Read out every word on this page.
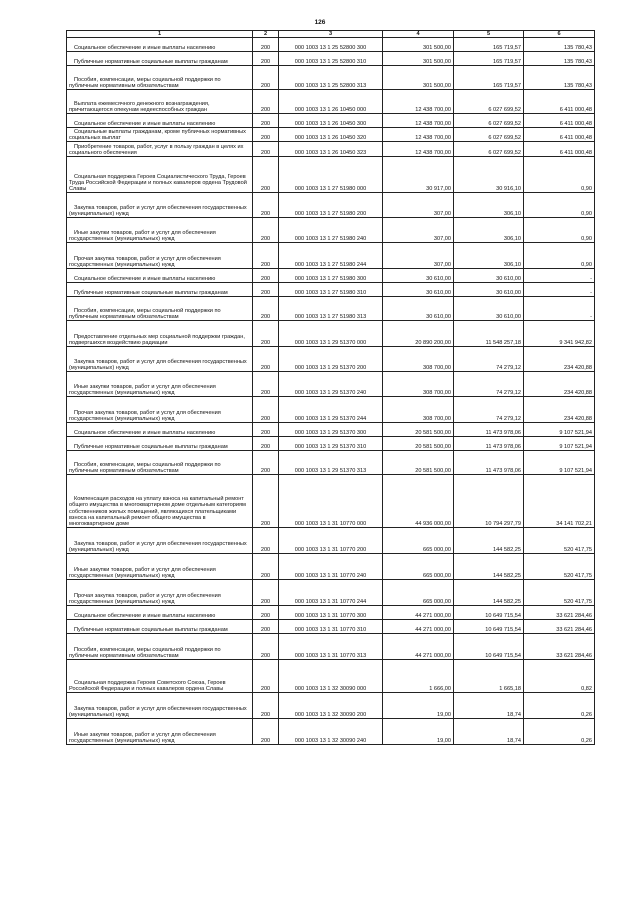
126
1	2	3	4	5	6
Социальное обеспечение и иные выплаты населению	200	000 1003 13 1 25 52800 300	301 500,00	165 719,57	135 780,43
Публичные нормативные социальные выплаты гражданам	200	000 1003 13 1 25 52800 310	301 500,00	165 719,57	135 780,43
Пособия, компенсации, меры социальной поддержки по публичным нормативным обязательствам	200	000 1003 13 1 25 52800 313	301 500,00	165 719,57	135 780,43
Выплата ежемесячного денежного вознаграждения, причитающегося опекунам недееспособных граждан	200	000 1003 13 1 26 10450 000	12 438 700,00	6 027 699,52	6 411 000,48
Социальное обеспечение и иные выплаты населению	200	000 1003 13 1 26 10450 300	12 438 700,00	6 027 699,52	6 411 000,48
Социальные выплаты гражданам, кроме публичных нормативных социальных выплат	200	000 1003 13 1 26 10450 320	12 438 700,00	6 027 699,52	6 411 000,48
Приобретение товаров, работ, услуг в пользу граждан в целях их социального обеспечения	200	000 1003 13 1 26 10450 323	12 438 700,00	6 027 699,52	6 411 000,48
Социальная поддержка Героев Социалистического Труда, Героев Труда Российской Федерации и полных кавалеров ордена Трудовой Славы	200	000 1003 13 1 27 51980 000	30 917,00	30 916,10	0,90
Закупка товаров, работ и услуг для обеспечения государственных (муниципальных) нужд	200	000 1003 13 1 27 51980 200	307,00	306,10	0,90
Иные закупки товаров, работ и услуг для обеспечения государственных (муниципальных) нужд	200	000 1003 13 1 27 51980 240	307,00	306,10	0,90
Прочая закупка товаров, работ и услуг для обеспечения государственных (муниципальных) нужд	200	000 1003 13 1 27 51980 244	307,00	306,10	0,90
Социальное обеспечение и иные выплаты населению	200	000 1003 13 1 27 51980 300	30 610,00	30 610,00	-
Публичные нормативные социальные выплаты гражданам	200	000 1003 13 1 27 51980 310	30 610,00	30 610,00	-
Пособия, компенсации, меры социальной поддержки по публичным нормативным обязательствам	200	000 1003 13 1 27 51980 313	30 610,00	30 610,00	-
Предоставление отдельных мер социальной поддержки граждан, подвергшихся воздействию радиации	200	000 1003 13 1 29 51370 000	20 890 200,00	11 548 257,18	9 341 942,82
Закупка товаров, работ и услуг для обеспечения государственных (муниципальных) нужд	200	000 1003 13 1 29 51370 200	308 700,00	74 279,12	234 420,88
Иные закупки товаров, работ и услуг для обеспечения государственных (муниципальных) нужд	200	000 1003 13 1 29 51370 240	308 700,00	74 279,12	234 420,88
Прочая закупка товаров, работ и услуг для обеспечения государственных (муниципальных) нужд	200	000 1003 13 1 29 51370 244	308 700,00	74 279,12	234 420,88
Социальное обеспечение и иные выплаты населению	200	000 1003 13 1 29 51370 300	20 581 500,00	11 473 978,06	9 107 521,94
Публичные нормативные социальные выплаты гражданам	200	000 1003 13 1 29 51370 310	20 581 500,00	11 473 978,06	9 107 521,94
Пособия, компенсации, меры социальной поддержки по публичным нормативным обязательствам	200	000 1003 13 1 29 51370 313	20 581 500,00	11 473 978,06	9 107 521,94
Компенсация расходов на уплату взноса на капитальный ремонт общего имущества в многоквартирном доме отдельным категориям собственников жилых помещений, являющихся плательщиками взноса на капитальный ремонт общего имущества в многоквартирном доме	200	000 1003 13 1 31 10770 000	44 936 000,00	10 794 297,79	34 141 702,21
Закупка товаров, работ и услуг для обеспечения государственных (муниципальных) нужд	200	000 1003 13 1 31 10770 200	665 000,00	144 582,25	520 417,75
Иные закупки товаров, работ и услуг для обеспечения государственных (муниципальных) нужд	200	000 1003 13 1 31 10770 240	665 000,00	144 582,25	520 417,75
Прочая закупка товаров, работ и услуг для обеспечения государственных (муниципальных) нужд	200	000 1003 13 1 31 10770 244	665 000,00	144 582,25	520 417,75
Социальное обеспечение и иные выплаты населению	200	000 1003 13 1 31 10770 300	44 271 000,00	10 649 715,54	33 621 284,46
Публичные нормативные социальные выплаты гражданам	200	000 1003 13 1 31 10770 310	44 271 000,00	10 649 715,54	33 621 284,46
Пособия, компенсации, меры социальной поддержки по публичным нормативным обязательствам	200	000 1003 13 1 31 10770 313	44 271 000,00	10 649 715,54	33 621 284,46
Социальная поддержка Героев Советского Союза, Героев Российской Федерации и полных кавалеров ордена Славы	200	000 1003 13 1 32 30090 000	1 666,00	1 665,18	0,82
Закупка товаров, работ и услуг для обеспечения государственных (муниципальных) нужд	200	000 1003 13 1 32 30090 200	19,00	18,74	0,26
Иные закупки товаров, работ и услуг для обеспечения государственных (муниципальных) нужд	200	000 1003 13 1 32 30090 240	19,00	18,74	0,26
